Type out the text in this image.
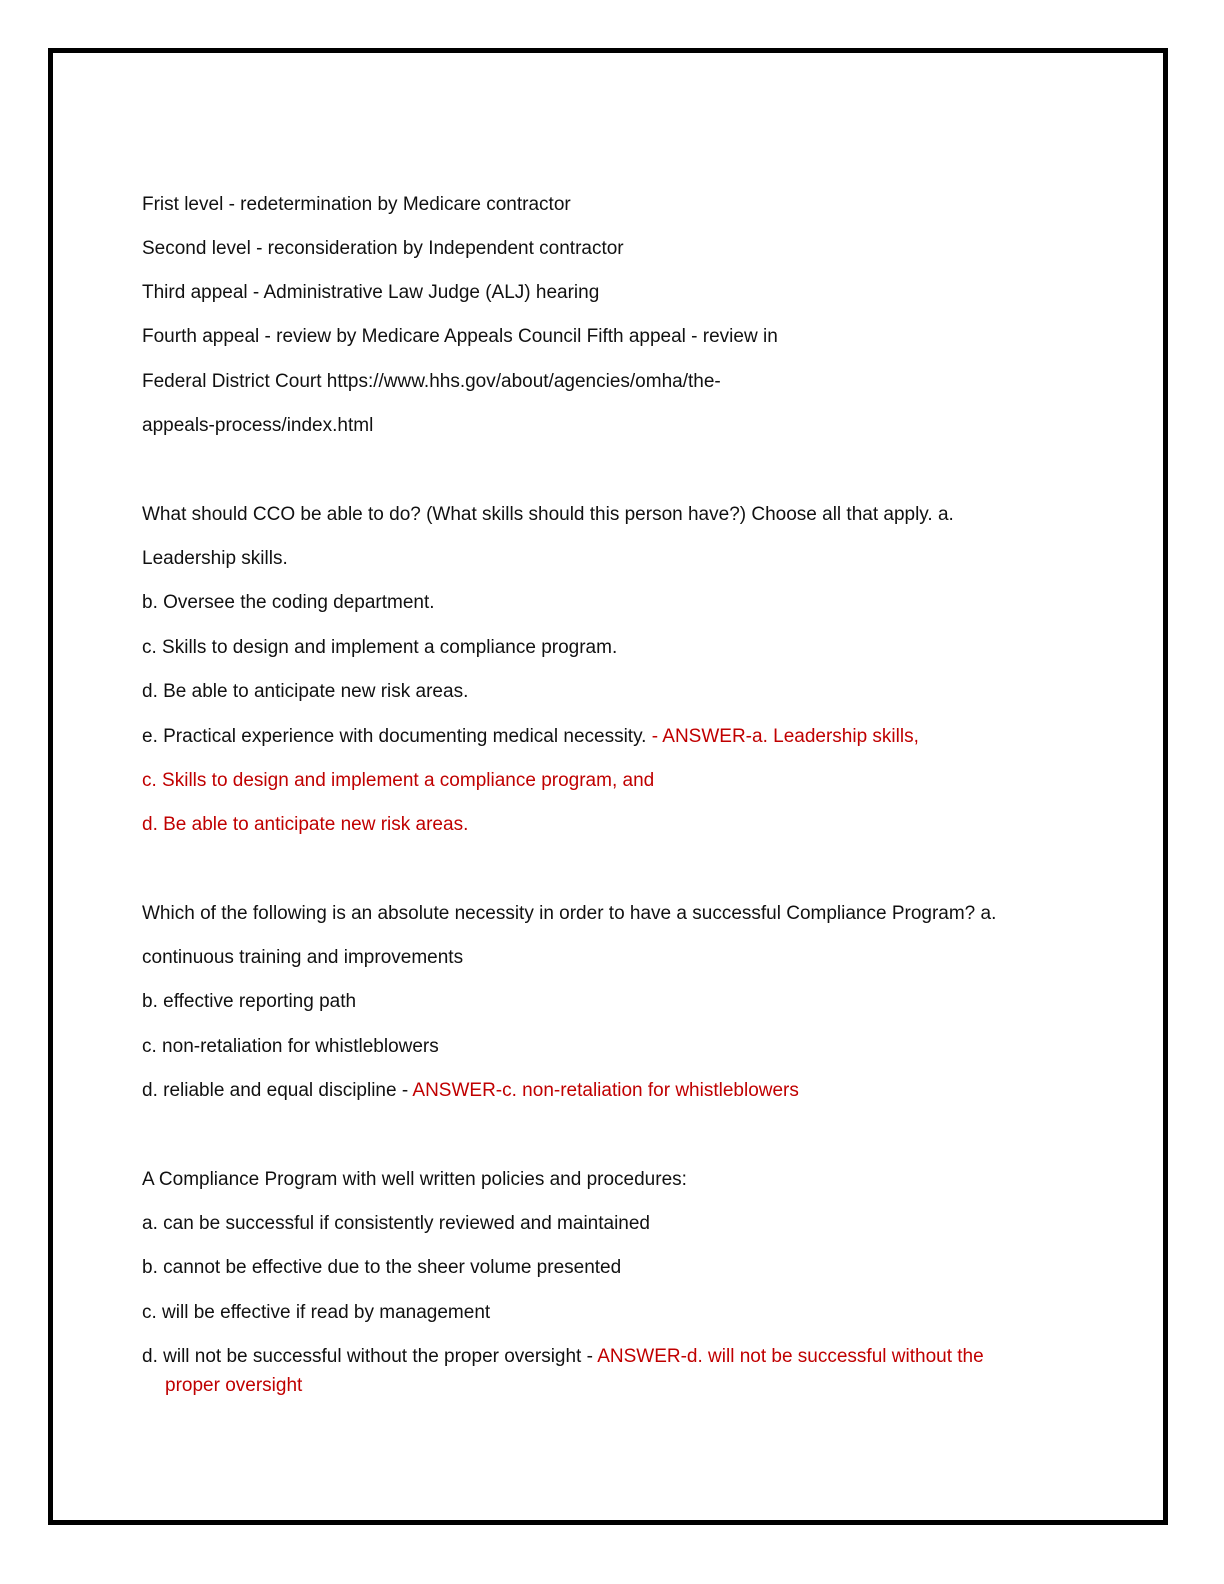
Frist level - redetermination by Medicare contractor

Second level - reconsideration by Independent contractor

Third appeal - Administrative Law Judge (ALJ) hearing

Fourth appeal - review by Medicare Appeals Council Fifth appeal - review in

Federal District Court https://www.hhs.gov/about/agencies/omha/the-

appeals-process/index.html

What should CCO be able to do? (What skills should this person have?) Choose all that apply. a.

Leadership skills.

b. Oversee the coding department.

c. Skills to design and implement a compliance program.

d. Be able to anticipate new risk areas.

e. Practical experience with documenting medical necessity. - ANSWER-a. Leadership skills,

c. Skills to design and implement a compliance program, and

d. Be able to anticipate new risk areas.

Which of the following is an absolute necessity in order to have a successful Compliance Program? a.

continuous training and improvements

b. effective reporting path

c. non-retaliation for whistleblowers

d. reliable and equal discipline - ANSWER-c. non-retaliation for whistleblowers

A Compliance Program with well written policies and procedures:

a. can be successful if consistently reviewed and maintained

b. cannot be effective due to the sheer volume presented

c. will be effective if read by management

d. will not be successful without the proper oversight - ANSWER-d. will not be successful without the

proper oversight
